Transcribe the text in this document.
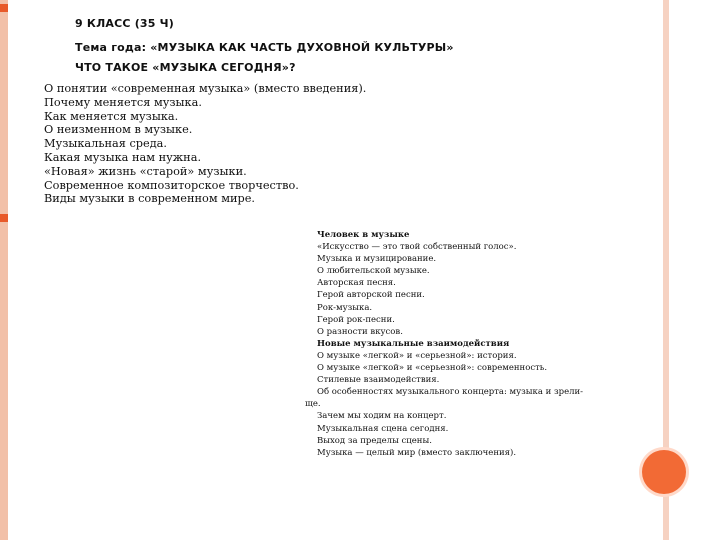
9 КЛАСС (35 Ч)
Тема года: «МУЗЫКА КАК ЧАСТЬ ДУХОВНОЙ КУЛЬТУРЫ»
ЧТО ТАКОЕ «МУЗЫКА СЕГОДНЯ»?
О понятии «современная музыка» (вместо введения).
Почему меняется музыка.
Как меняется музыка.
О неизменном в музыке.
Музыкальная среда.
Какая музыка нам нужна.
«Новая» жизнь «старой» музыки.
Современное композиторское творчество.
Виды музыки в современном мире.
Человек в музыке
«Искусство — это твой собственный голос».
Музыка и музицирование.
О любительской музыке.
Авторская песня.
Герой авторской песни.
Рок-музыка.
Герой рок-песни.
О разности вкусов.
Новые музыкальные взаимодействия
О музыке «легкой» и «серьезной»: история.
О музыке «легкой» и «серьезной»: современность.
Стилевые взаимодействия.
Об особенностях музыкального концерта: музыка и зрели-
ще.
Зачем мы ходим на концерт.
Музыкальная сцена сегодня.
Выход за пределы сцены.
Музыка — целый мир (вместо заключения).
